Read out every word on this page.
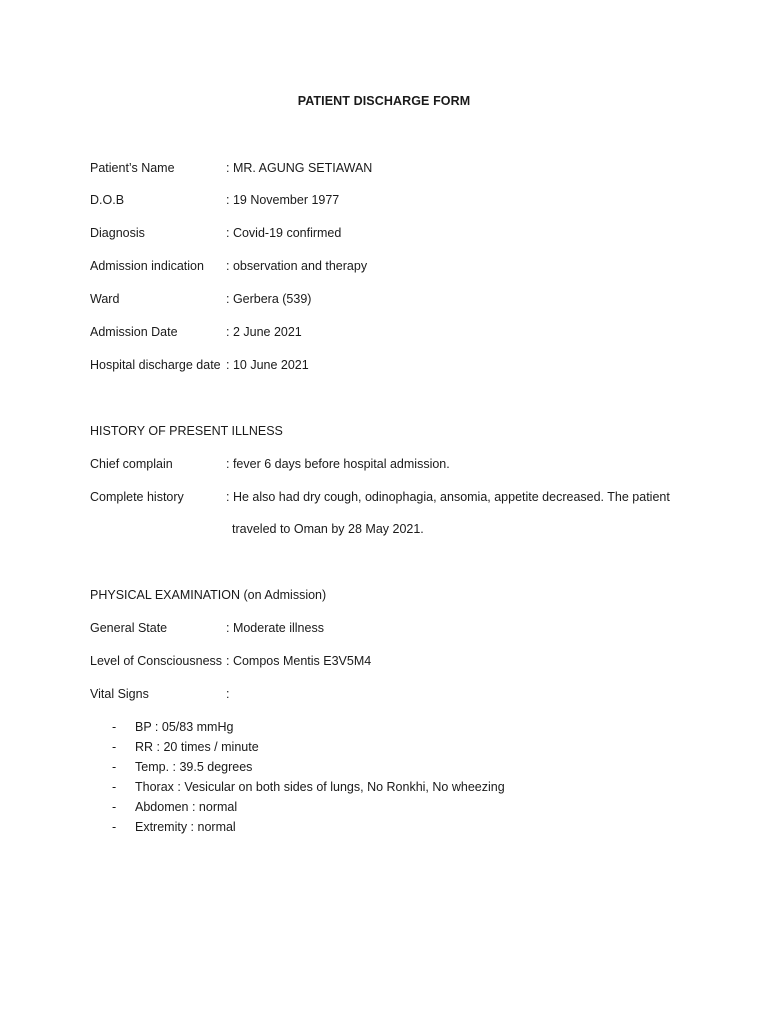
PATIENT DISCHARGE FORM
Patient’s Name	: MR. AGUNG SETIAWAN
D.O.B	: 19 November 1977
Diagnosis	: Covid-19 confirmed
Admission indication : observation and therapy
Ward	: Gerbera (539)
Admission Date	: 2 June 2021
Hospital discharge date : 10 June 2021
HISTORY OF PRESENT ILLNESS
Chief complain	: fever 6 days before hospital admission.
Complete history	: He also had dry cough, odinophagia, ansomia, appetite decreased. The patient
traveled to Oman by 28 May 2021.
PHYSICAL EXAMINATION (on Admission)
General State	: Moderate illness
Level of Consciousness : Compos Mentis E3V5M4
Vital Signs	:
- BP : 05/83 mmHg
- RR : 20 times / minute
- Temp. : 39.5 degrees
- Thorax : Vesicular on both sides of lungs, No Ronkhi, No wheezing
- Abdomen : normal
- Extremity : normal
